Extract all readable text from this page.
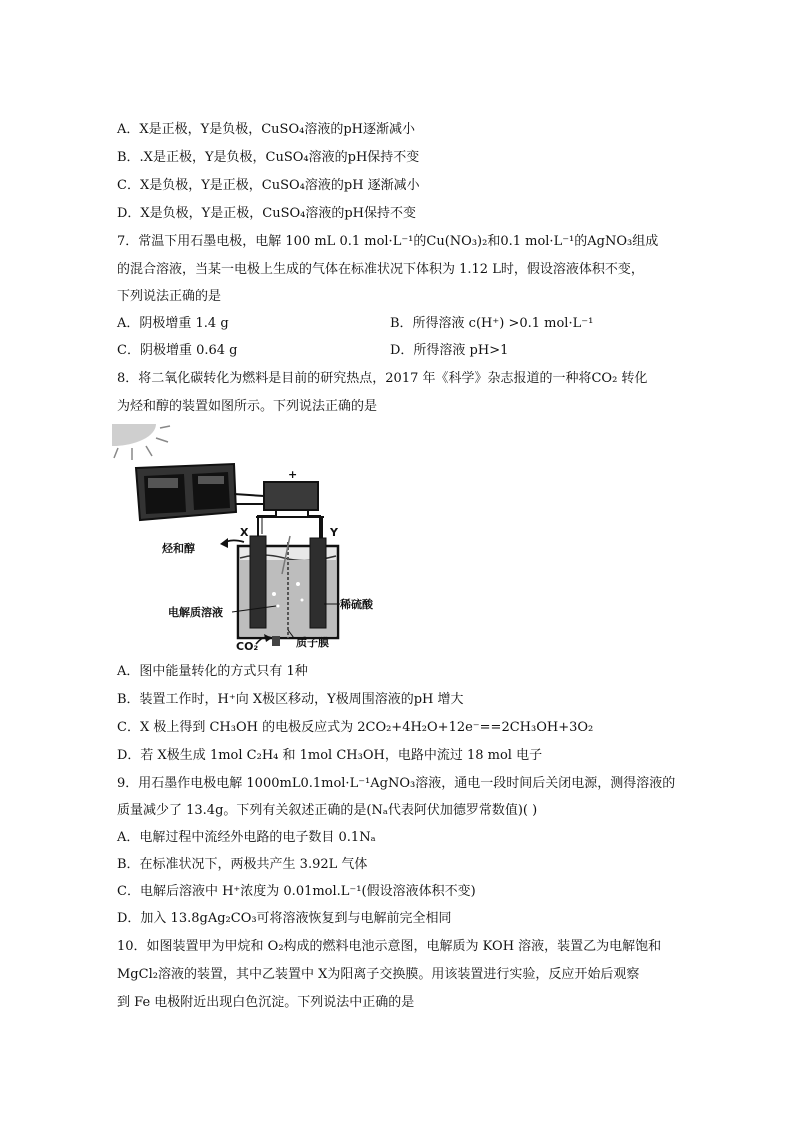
A．X是正极，Y是负极，CuSO₄溶液的pH逐渐减小
B．.X是正极，Y是负极，CuSO₄溶液的pH保持不变
C．X是负极，Y是正极，CuSO₄溶液的pH 逐渐减小
D．X是负极，Y是正极，CuSO₄溶液的pH保持不变
7．常温下用石墨电极，电解 100 mL 0.1 mol·L⁻¹的Cu(NO₃)₂和0.1 mol·L⁻¹的AgNO₃组成
的混合溶液，当某一电极上生成的气体在标准状况下体积为 1.12 L时，假设溶液体积不变，
下列说法正确的是
A．阴极增重 1.4 g	B．所得溶液 c(H⁺) >0.1 mol·L⁻¹
C．阴极增重 0.64 g	D．所得溶液 pH>1
8．将二氧化碳转化为燃料是目前的研究热点，2017 年《科学》杂志报道的一种将CO₂ 转化
为烃和醇的装置如图所示。下列说法正确的是
+
X	Y
烃和醇
电解质溶液
稀硫酸
CO₂	质子膜
A．图中能量转化的方式只有 1种
B．装置工作时，H⁺向 X极区移动，Y极周围溶液的pH 增大
C．X 极上得到 CH₃OH 的电极反应式为 2CO₂+4H₂O+12e⁻==2CH₃OH+3O₂
D．若 X极生成 1mol C₂H₄ 和 1mol CH₃OH，电路中流过 18 mol 电子
9．用石墨作电极电解 1000mL0.1mol·L⁻¹AgNO₃溶液，通电一段时间后关闭电源，测得溶液的
质量减少了 13.4g。下列有关叙述正确的是(Nₐ代表阿伏加德罗常数值)( )
A．电解过程中流经外电路的电子数目 0.1Nₐ
B．在标准状况下，两极共产生 3.92L 气体
C．电解后溶液中 H⁺浓度为 0.01mol.L⁻¹(假设溶液体积不变)
D．加入 13.8gAg₂CO₃可将溶液恢复到与电解前完全相同
10．如图装置甲为甲烷和 O₂构成的燃料电池示意图，电解质为 KOH 溶液，装置乙为电解饱和
MgCl₂溶液的装置，其中乙装置中 X为阳离子交换膜。用该装置进行实验，反应开始后观察
到 Fe 电极附近出现白色沉淀。下列说法中正确的是
